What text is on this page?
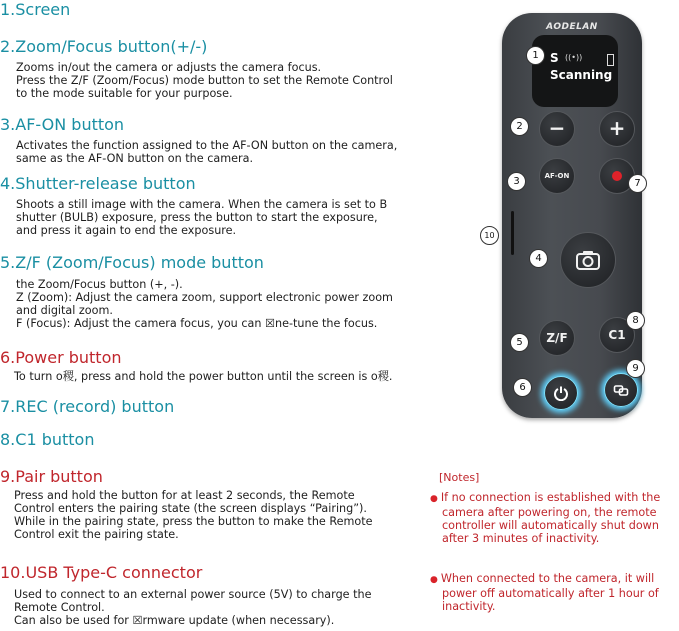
1.Screen
2.Zoom/Focus button(+/-)
Zooms in/out the camera or adjusts the camera focus.
Press the Z/F (Zoom/Focus) mode button to set the Remote Control
to the mode suitable for your purpose.
3.AF-ON button
Activates the function assigned to the AF-ON button on the camera,
same as the AF-ON button on the camera.
4.Shutter-release button
Shoots a still image with the camera. When the camera is set to B
shutter (BULB) exposure, press the button to start the exposure,
and press it again to end the exposure.
5.Z/F (Zoom/Focus) mode button
the Zoom/Focus button (+, -).
Z (Zoom): Adjust the camera zoom, support electronic power zoom
and digital zoom.
F (Focus): Adjust the camera focus, you can ☒ne-tune the focus.
6.Power button
To turn o稷, press and hold the power button until the screen is o稷.
7.REC (record) button
8.C1 button
9.Pair button
Press and hold the button for at least 2 seconds, the Remote
Control enters the pairing state (the screen displays “Pairing”).
While in the pairing state, press the button to make the Remote
Control exit the pairing state.
10.USB Type-C connector
Used to connect to an external power source (5V) to charge the
Remote Control.
Can also be used for ☒rmware update (when necessary).
AODELAN
S ((•))
Scanning
−	+
AF-ON
Z/F	C1
1
2
3
4
5
6
7
8
9
10
[Notes]
● If no connection is established with the
camera after powering on, the remote
controller will automatically shut down
after 3 minutes of inactivity.
● When connected to the camera, it will
power off automatically after 1 hour of
inactivity.
